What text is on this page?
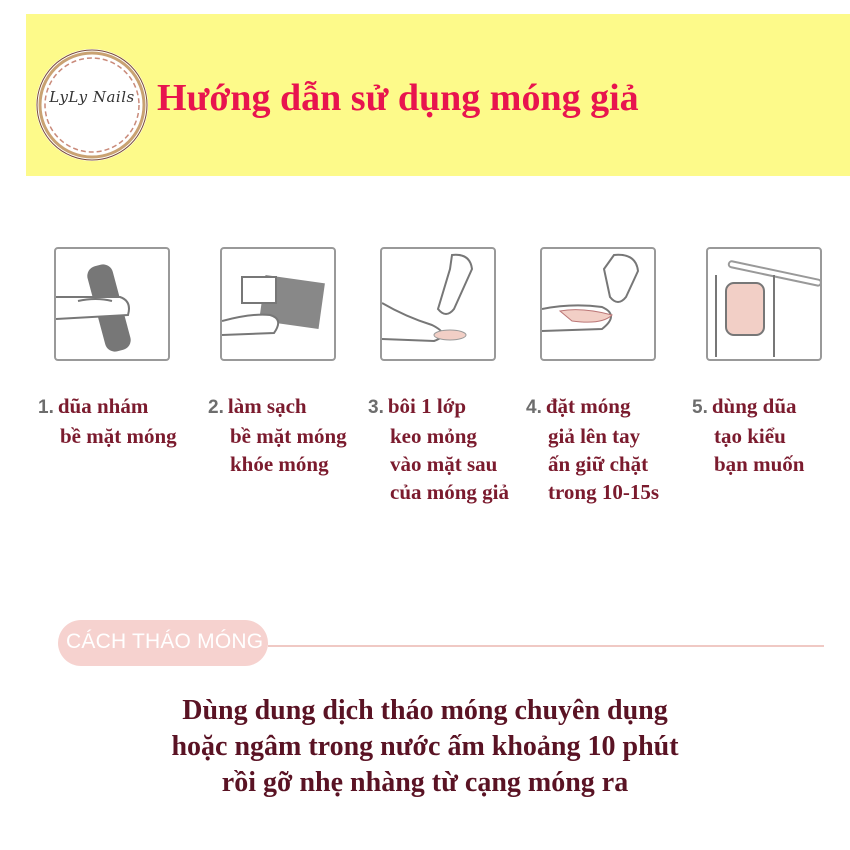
LyLy Nails Hướng dẫn sử dụng móng giả
1. dũa nhám
bề mặt móng
2. làm sạch
bề mặt móng
khóe móng
3. bôi 1 lớp
keo mỏng
vào mặt sau
của móng giả
4. đặt móng
giả lên tay
ấn giữ chặt
trong 10-15s
5. dùng dũa
tạo kiểu
bạn muốn
CÁCH THÁO MÓNG
Dùng dung dịch tháo móng chuyên dụng
hoặc ngâm trong nước ấm khoảng 10 phút
rồi gỡ nhẹ nhàng từ cạng móng ra
